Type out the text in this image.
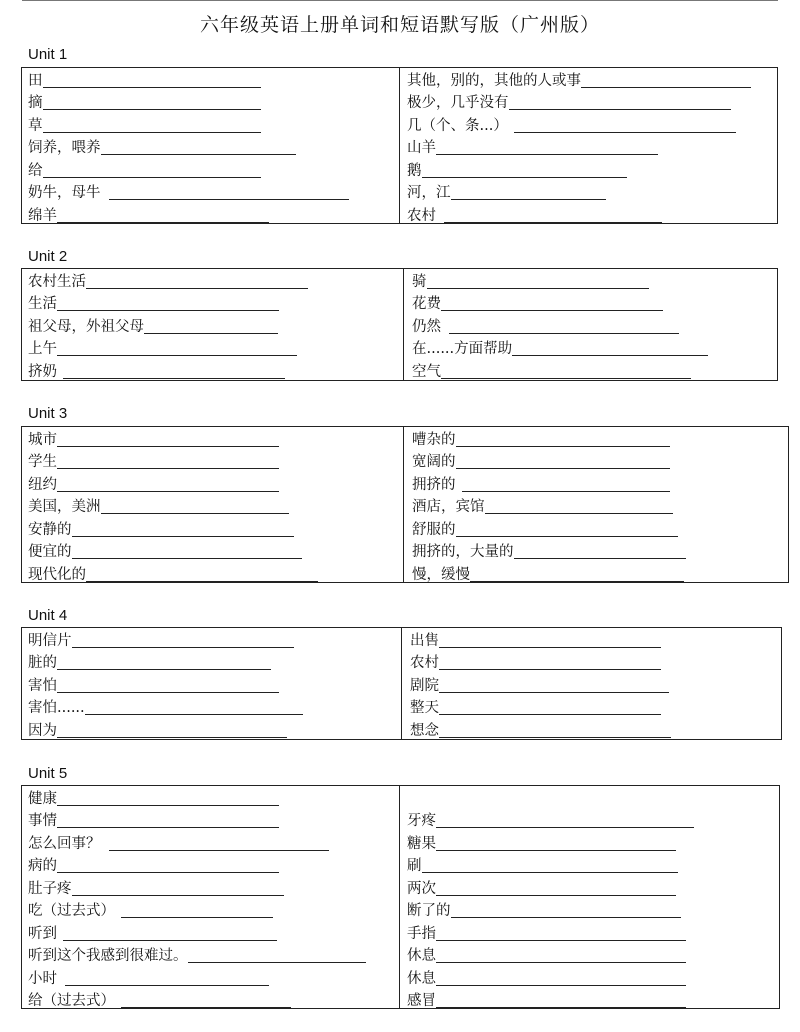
六年级英语上册单词和短语默写版（广州版）
Unit 1
田
摘
草
饲养，喂养
给
奶牛，母牛
绵羊
其他，别的，其他的人或事
极少，几乎没有
几（个、条...）
山羊
鹅
河，江
农村
Unit 2
农村生活
生活
祖父母，外祖父母
上午
挤奶
骑
花费
仍然
在......方面帮助
空气
Unit 3
城市
学生
纽约
美国，美洲
安静的
便宜的
现代化的
嘈杂的
宽阔的
拥挤的
酒店，宾馆
舒服的
拥挤的，大量的
慢，缓慢
Unit 4
明信片
脏的
害怕
害怕......
因为
出售
农村
剧院
整天
想念
Unit 5
健康
事情
怎么回事？
病的
肚子疼
吃（过去式）
听到
听到这个我感到很难过。
小时
给（过去式）
牙疼
糖果
刷
两次
断了的
手指
休息
休息
感冒
